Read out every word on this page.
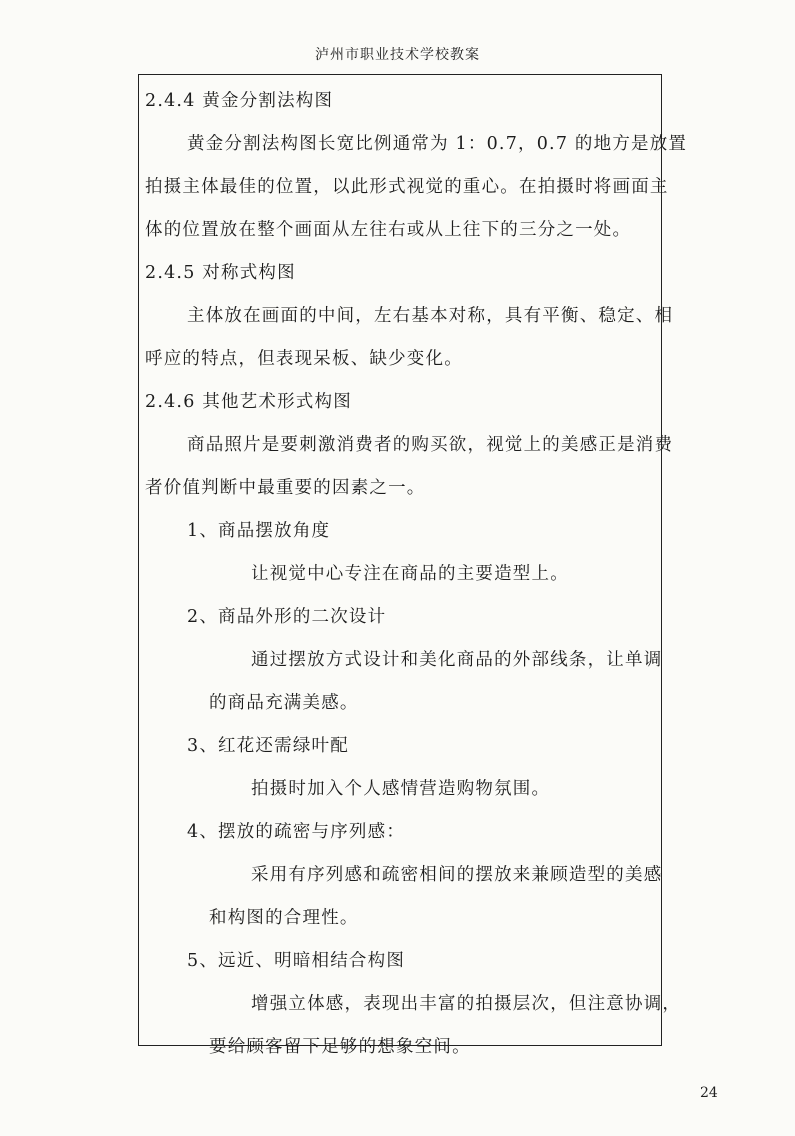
泸州市职业技术学校教案
2.4.4 黄金分割法构图
黄金分割法构图长宽比例通常为 1：0.7，0.7 的地方是放置
拍摄主体最佳的位置，以此形式视觉的重心。在拍摄时将画面主
体的位置放在整个画面从左往右或从上往下的三分之一处。
2.4.5 对称式构图
主体放在画面的中间，左右基本对称，具有平衡、稳定、相
呼应的特点，但表现呆板、缺少变化。
2.4.6 其他艺术形式构图
商品照片是要刺激消费者的购买欲，视觉上的美感正是消费
者价值判断中最重要的因素之一。
1、商品摆放角度
让视觉中心专注在商品的主要造型上。
2、商品外形的二次设计
通过摆放方式设计和美化商品的外部线条，让单调
的商品充满美感。
3、红花还需绿叶配
拍摄时加入个人感情营造购物氛围。
4、摆放的疏密与序列感：
采用有序列感和疏密相间的摆放来兼顾造型的美感
和构图的合理性。
5、远近、明暗相结合构图
增强立体感，表现出丰富的拍摄层次，但注意协调，
要给顾客留下足够的想象空间。
24
